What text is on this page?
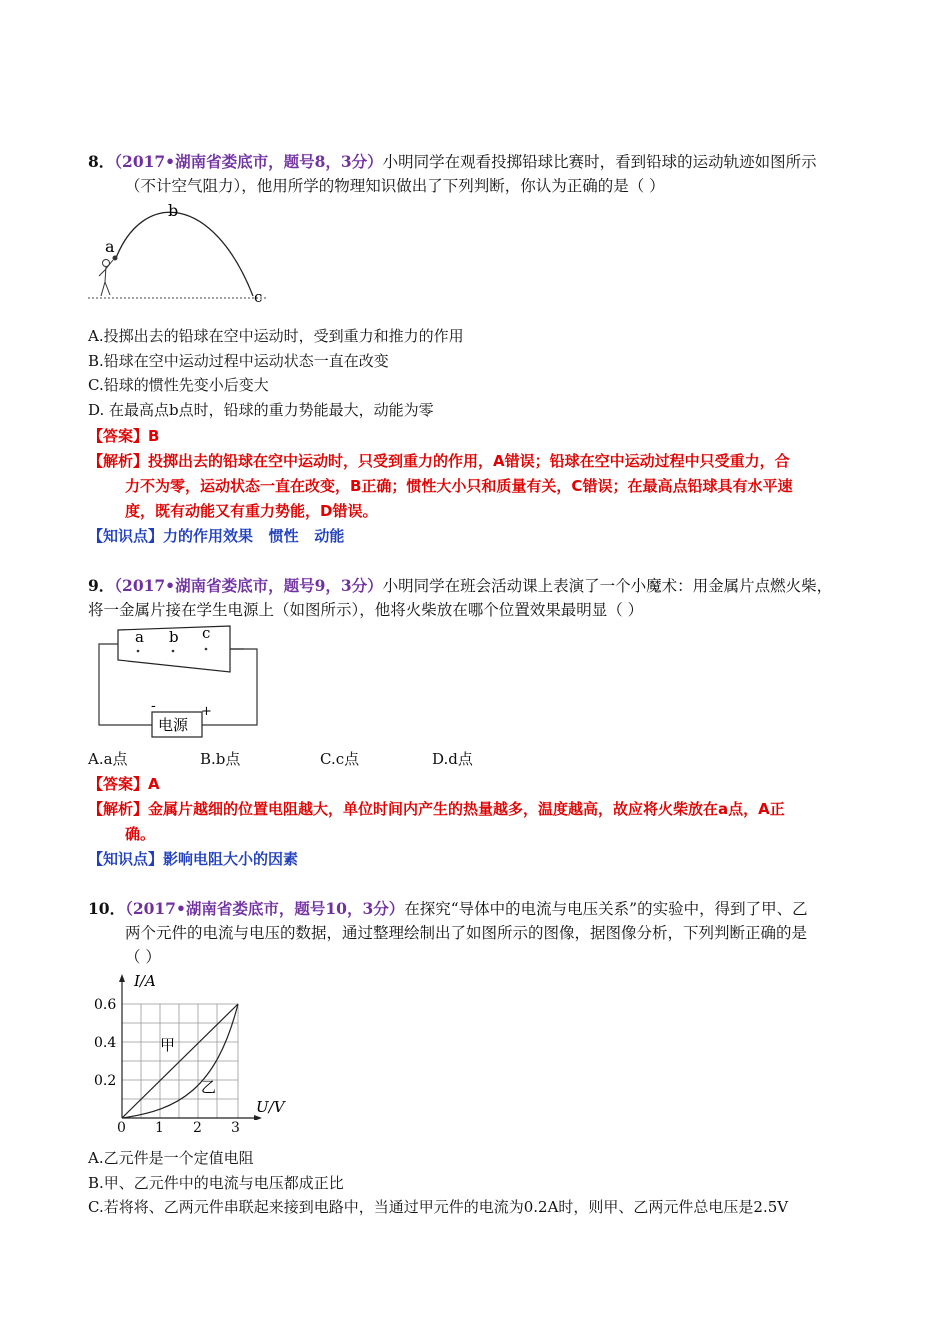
8．（2017•湖南省娄底市，题号8，3分）小明同学在观看投掷铅球比赛时，看到铅球的运动轨迹如图所示
（不计空气阻力），他用所学的物理知识做出了下列判断，你认为正确的是（ ）
a
b
c
A.投掷出去的铅球在空中运动时，受到重力和推力的作用
B.铅球在空中运动过程中运动状态一直在改变
C.铅球的惯性先变小后变大
D. 在最高点b点时，铅球的重力势能最大，动能为零
【答案】B
【解析】投掷出去的铅球在空中运动时，只受到重力的作用，A错误；铅球在空中运动过程中只受重力，合
力不为零，运动状态一直在改变，B正确；惯性大小只和质量有关，C错误；在最高点铅球具有水平速
度，既有动能又有重力势能，D错误。
【知识点】力的作用效果   惯性   动能
9．（2017•湖南省娄底市，题号9，3分）小明同学在班会活动课上表演了一个小魔术：用金属片点燃火柴，
将一金属片接在学生电源上（如图所示），他将火柴放在哪个位置效果最明显（ ）
a b c
电源
-	+
A.a点	B.b点	C.c点	D.d点
【答案】A
【解析】金属片越细的位置电阻越大，单位时间内产生的热量越多，温度越高，故应将火柴放在a点，A正
确。
【知识点】影响电阻大小的因素
10．（2017•湖南省娄底市，题号10，3分）在探究“导体中的电流与电压关系”的实验中，得到了甲、乙
两个元件的电流与电压的数据，通过整理绘制出了如图所示的图像，据图像分析，下列判断正确的是
（ ）
I/A
0.6
0.4
0.2
U/V
甲
乙
0 1 2 3
A.乙元件是一个定值电阻
B.甲、乙元件中的电流与电压都成正比
C.若将将、乙两元件串联起来接到电路中，当通过甲元件的电流为0.2A时，则甲、乙两元件总电压是2.5V
